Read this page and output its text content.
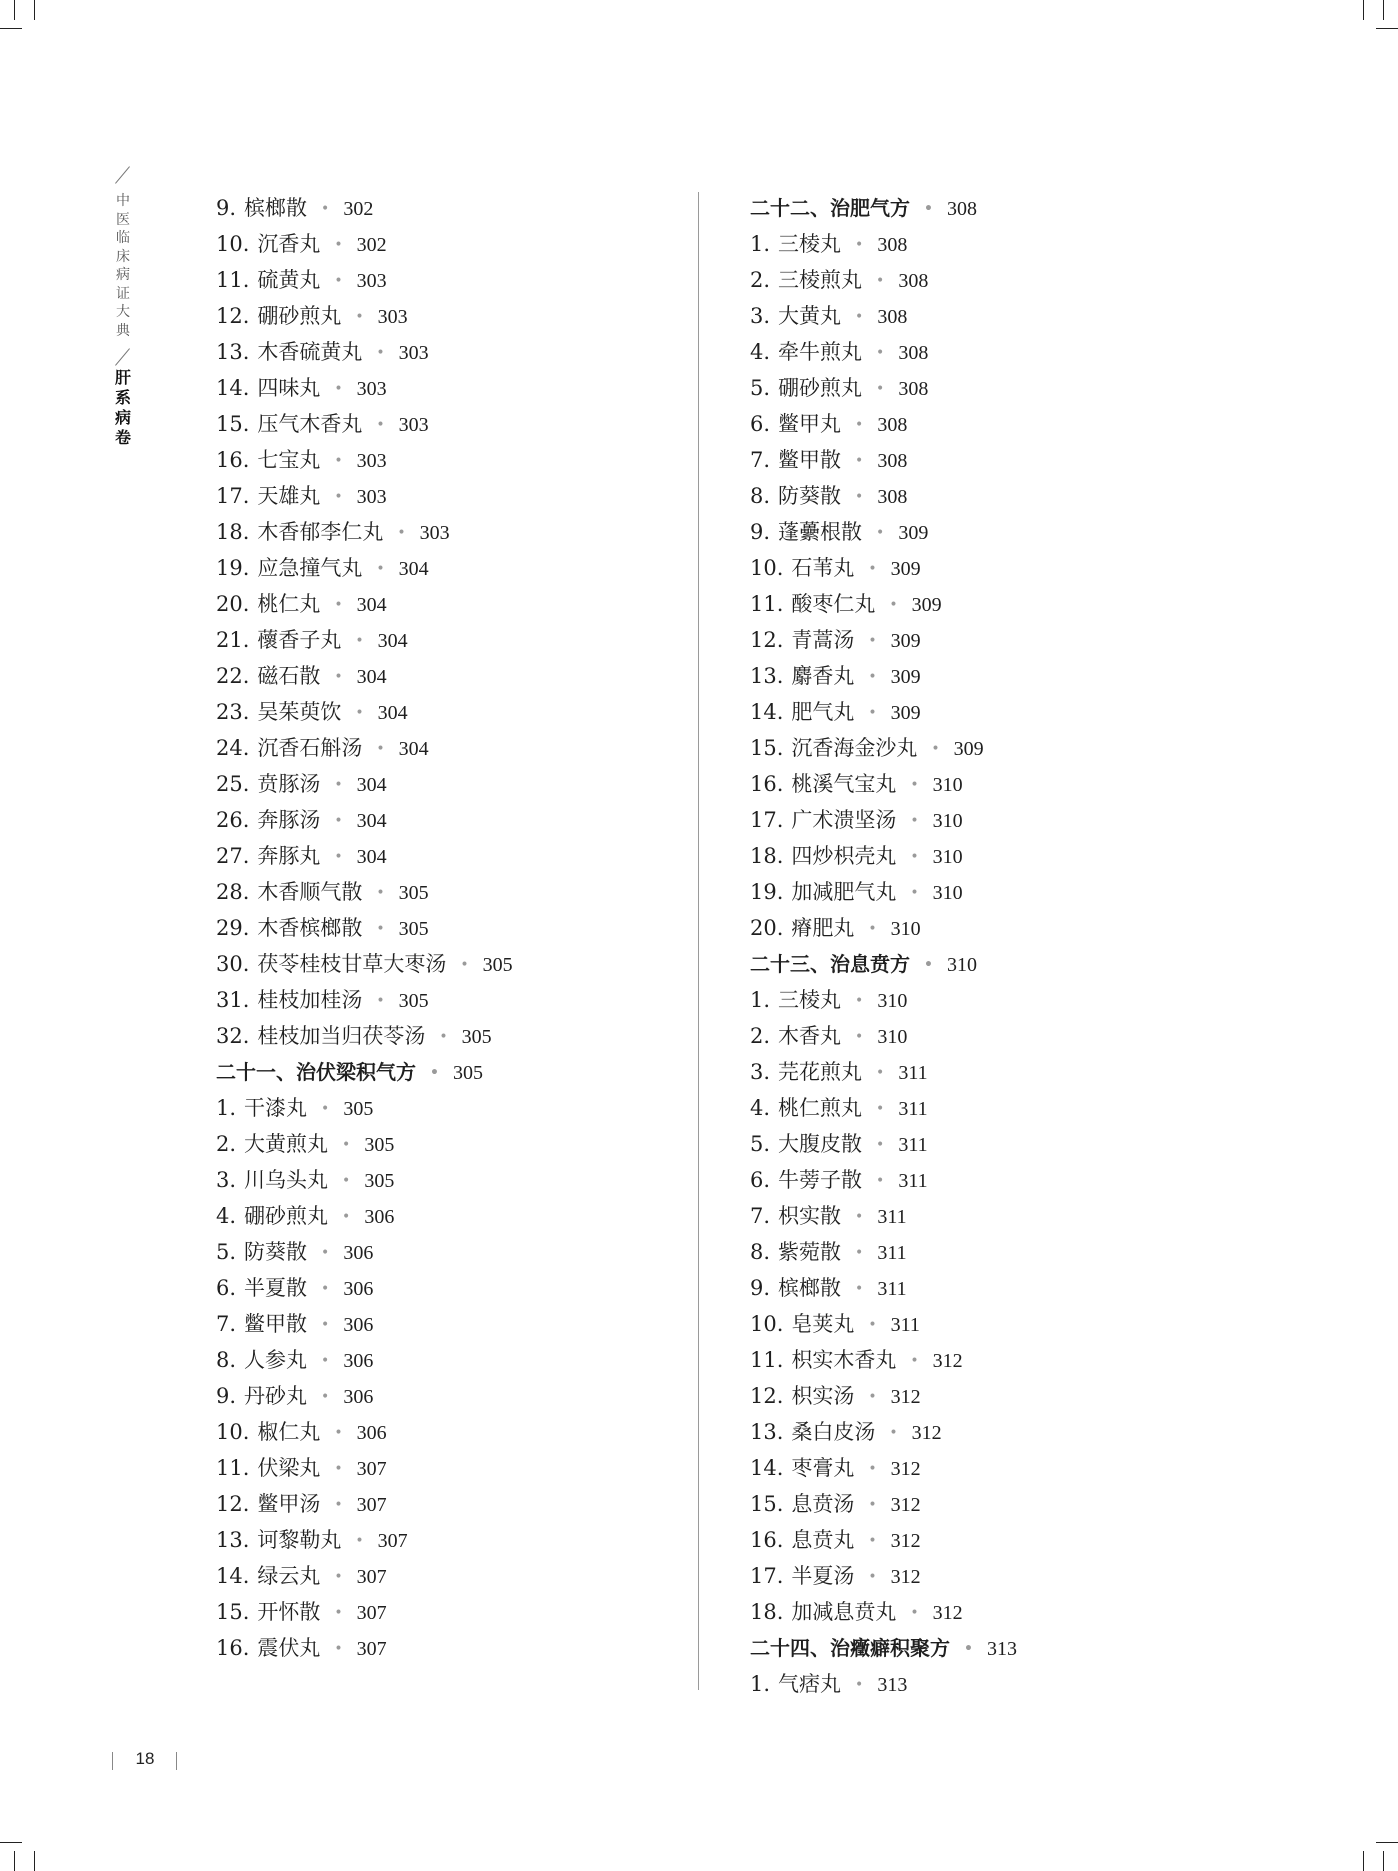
中
医
临
床
病
证
大
典
肝
系
病
卷
9. 槟榔散 • 302
10. 沉香丸 • 302
11. 硫黄丸 • 303
12. 硼砂煎丸 • 303
13. 木香硫黄丸 • 303
14. 四味丸 • 303
15. 压气木香丸 • 303
16. 七宝丸 • 303
17. 天雄丸 • 303
18. 木香郁李仁丸 • 303
19. 应急撞气丸 • 304
20. 桃仁丸 • 304
21. 蘹香子丸 • 304
22. 磁石散 • 304
23. 吴茱萸饮 • 304
24. 沉香石斛汤 • 304
25. 贲豚汤 • 304
26. 奔豚汤 • 304
27. 奔豚丸 • 304
28. 木香顺气散 • 305
29. 木香槟榔散 • 305
30. 茯苓桂枝甘草大枣汤 • 305
31. 桂枝加桂汤 • 305
32. 桂枝加当归茯苓汤 • 305
二十一、治伏梁积气方 • 305
1. 干漆丸 • 305
2. 大黄煎丸 • 305
3. 川乌头丸 • 305
4. 硼砂煎丸 • 306
5. 防葵散 • 306
6. 半夏散 • 306
7. 鳖甲散 • 306
8. 人参丸 • 306
9. 丹砂丸 • 306
10. 椒仁丸 • 306
11. 伏梁丸 • 307
12. 鳖甲汤 • 307
13. 诃黎勒丸 • 307
14. 绿云丸 • 307
15. 开怀散 • 307
16. 震伏丸 • 307
二十二、治肥气方 • 308
1. 三棱丸 • 308
2. 三棱煎丸 • 308
3. 大黄丸 • 308
4. 牵牛煎丸 • 308
5. 硼砂煎丸 • 308
6. 鳖甲丸 • 308
7. 鳖甲散 • 308
8. 防葵散 • 308
9. 蓬虆根散 • 309
10. 石苇丸 • 309
11. 酸枣仁丸 • 309
12. 青蒿汤 • 309
13. 麝香丸 • 309
14. 肥气丸 • 309
15. 沉香海金沙丸 • 309
16. 桃溪气宝丸 • 310
17. 广术溃坚汤 • 310
18. 四炒枳壳丸 • 310
19. 加减肥气丸 • 310
20. 瘠肥丸 • 310
二十三、治息贲方 • 310
1. 三棱丸 • 310
2. 木香丸 • 310
3. 芫花煎丸 • 311
4. 桃仁煎丸 • 311
5. 大腹皮散 • 311
6. 牛蒡子散 • 311
7. 枳实散 • 311
8. 紫菀散 • 311
9. 槟榔散 • 311
10. 皂荚丸 • 311
11. 枳实木香丸 • 312
12. 枳实汤 • 312
13. 桑白皮汤 • 312
14. 枣膏丸 • 312
15. 息贲汤 • 312
16. 息贲丸 • 312
17. 半夏汤 • 312
18. 加减息贲丸 • 312
二十四、治癥癖积聚方 • 313
1. 气痞丸 • 313
18
